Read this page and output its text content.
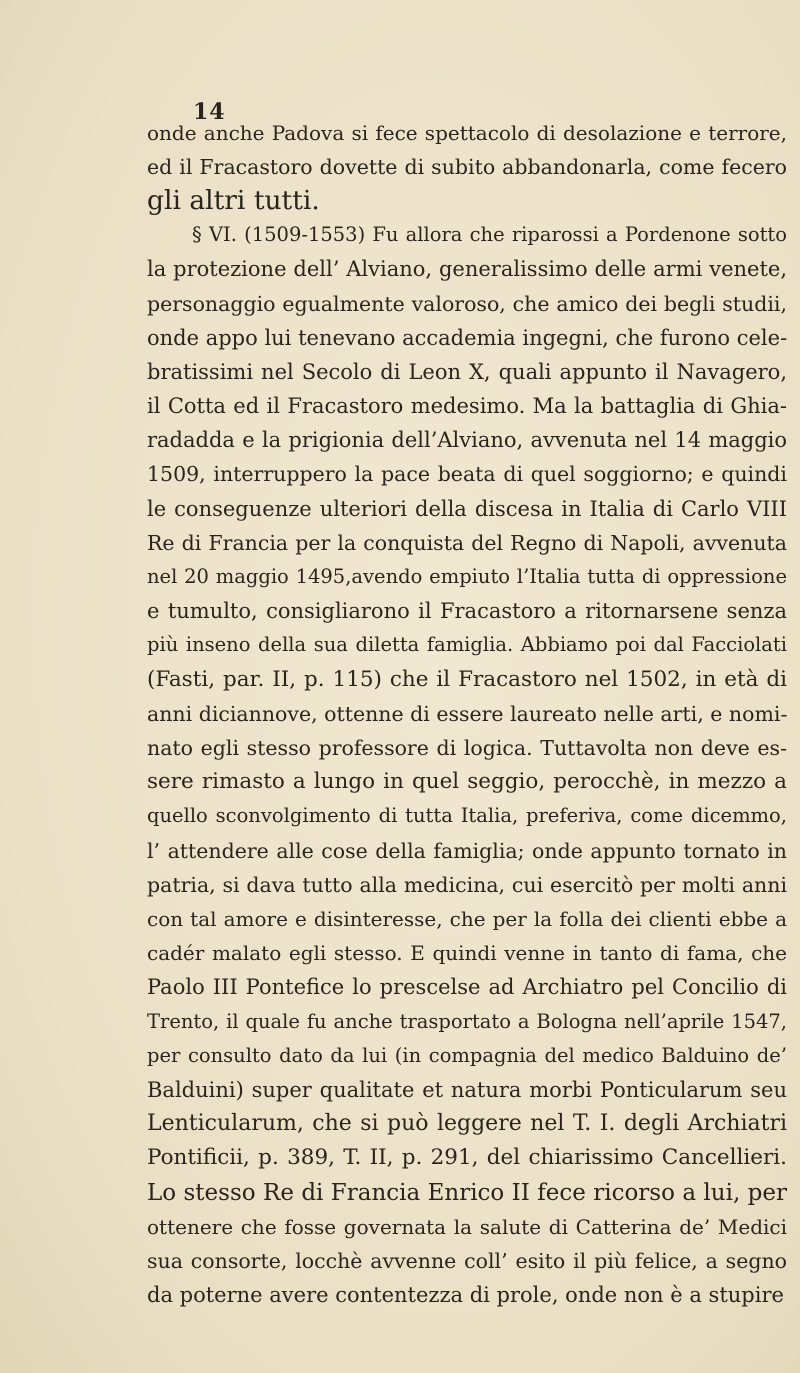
14
onde anche Padova si fece spettacolo di desolazione e terrore,
ed il Fracastoro dovette di subito abbandonarla, come fecero
gli altri tutti.
§ VI. (1509-1553) Fu allora che riparossi a Pordenone sotto
la protezione dell’ Alviano, generalissimo delle armi venete,
personaggio egualmente valoroso, che amico dei begli studii,
onde appo lui tenevano accademia ingegni, che furono cele-
bratissimi nel Secolo di Leon X, quali appunto il Navagero,
il Cotta ed il Fracastoro medesimo. Ma la battaglia di Ghia-
radadda e la prigionia dell’Alviano, avvenuta nel 14 maggio
1509, interruppero la pace beata di quel soggiorno; e quindi
le conseguenze ulteriori della discesa in Italia di Carlo VIII
Re di Francia per la conquista del Regno di Napoli, avvenuta
nel 20 maggio 1495,avendo empiuto l’Italia tutta di oppressione
e tumulto, consigliarono il Fracastoro a ritornarsene senza
più inseno della sua diletta famiglia. Abbiamo poi dal Facciolati
(Fasti, par. II, p. 115) che il Fracastoro nel 1502, in età di
anni diciannove, ottenne di essere laureato nelle arti, e nomi-
nato egli stesso professore di logica. Tuttavolta non deve es-
sere rimasto a lungo in quel seggio, perocchè, in mezzo a
quello sconvolgimento di tutta Italia, preferiva, come dicemmo,
l’ attendere alle cose della famiglia; onde appunto tornato in
patria, si dava tutto alla medicina, cui esercitò per molti anni
con tal amore e disinteresse, che per la folla dei clienti ebbe a
cadér malato egli stesso. E quindi venne in tanto di fama, che
Paolo III Pontefice lo prescelse ad Archiatro pel Concilio di
Trento, il quale fu anche trasportato a Bologna nell’aprile 1547,
per consulto dato da lui (in compagnia del medico Balduino de’
Balduini) super qualitate et natura morbi Ponticularum seu
Lenticularum, che si può leggere nel T. I. degli Archiatri
Pontificii, p. 389, T. II, p. 291, del chiarissimo Cancellieri.
Lo stesso Re di Francia Enrico II fece ricorso a lui, per
ottenere che fosse governata la salute di Catterina de’ Medici
sua consorte, locchè avvenne coll’ esito il più felice, a segno
da poterne avere contentezza di prole, onde non è a stupire
